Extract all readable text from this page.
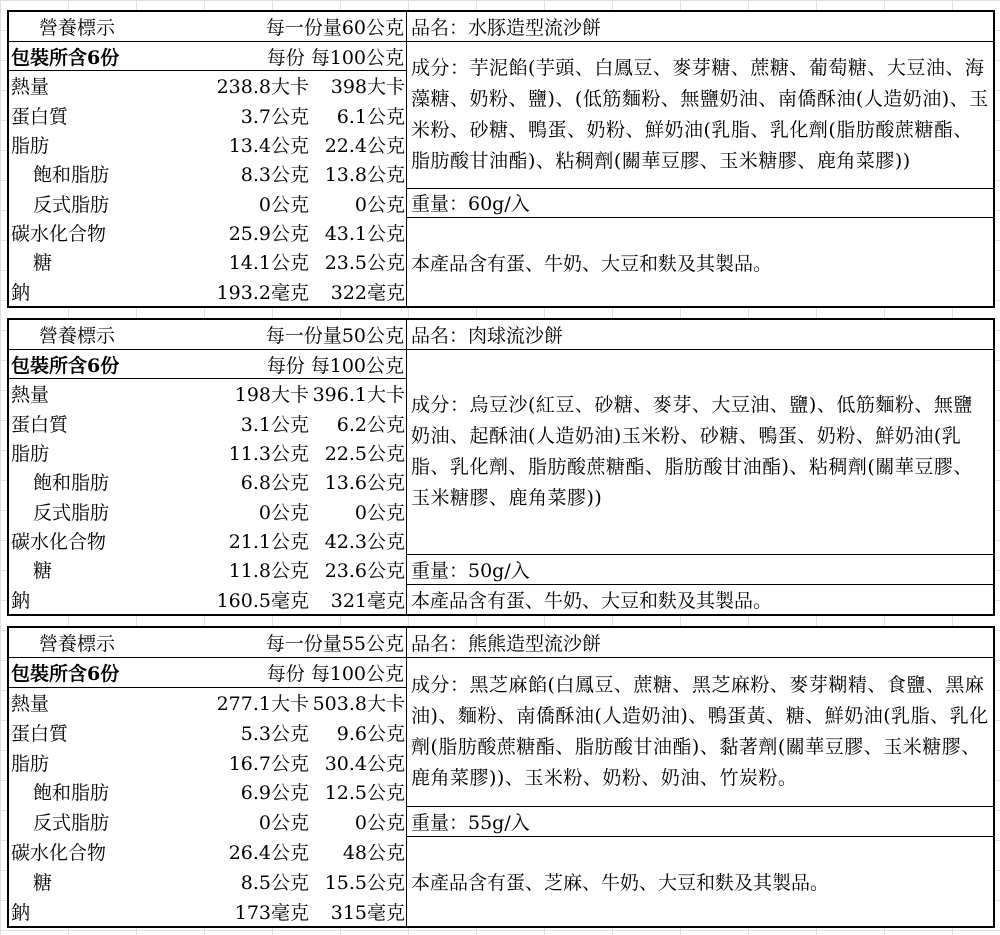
營養標示	每一份量60公克 品名：水豚造型流沙餅
包裝所含6份	每份 每100公克
熱量	238.8大卡	398大卡
蛋白質	3.7公克	6.1公克
脂肪	13.4公克 22.4公克
飽和脂肪	8.3公克 13.8公克
反式脂肪	0公克	0公克
碳水化合物	25.9公克 43.1公克
糖	14.1公克 23.5公克
鈉	193.2毫克	322毫克
成分：芋泥餡(芋頭、白鳳豆、麥芽糖、蔗糖、葡萄糖、大豆油、海藻糖、奶粉、鹽)、(低筋麵粉、無鹽奶油、南僑酥油(人造奶油)、玉米粉、砂糖、鴨蛋、奶粉、鮮奶油(乳脂、乳化劑(脂肪酸蔗糖酯、脂肪酸甘油酯)、粘稠劑(關華豆膠、玉米糖膠、鹿角菜膠))
重量：60g/入
本產品含有蛋、牛奶、大豆和麩及其製品。
營養標示	每一份量50公克 品名：肉球流沙餅
包裝所含6份	每份 每100公克
熱量	198大卡 396.1大卡
蛋白質	3.1公克	6.2公克
脂肪	11.3公克 22.5公克
飽和脂肪	6.8公克 13.6公克
反式脂肪	0公克	0公克
碳水化合物	21.1公克 42.3公克
糖	11.8公克 23.6公克
鈉	160.5毫克	321毫克
成分：烏豆沙(紅豆、砂糖、麥芽、大豆油、鹽)、低筋麵粉、無鹽奶油、起酥油(人造奶油)玉米粉、砂糖、鴨蛋、奶粉、鮮奶油(乳脂、乳化劑、脂肪酸蔗糖酯、脂肪酸甘油酯)、粘稠劑(關華豆膠、玉米糖膠、鹿角菜膠))
重量：50g/入
本產品含有蛋、牛奶、大豆和麩及其製品。
營養標示	每一份量55公克 品名：熊熊造型流沙餅
包裝所含6份	每份 每100公克
熱量	277.1大卡 503.8大卡
蛋白質	5.3公克	9.6公克
脂肪	16.7公克 30.4公克
飽和脂肪	6.9公克 12.5公克
反式脂肪	0公克	0公克
碳水化合物	26.4公克	48公克
糖	8.5公克 15.5公克
鈉	173毫克	315毫克
成分：黑芝麻餡(白鳳豆、蔗糖、黑芝麻粉、麥芽糊精、食鹽、黑麻油)、麵粉、南僑酥油(人造奶油)、鴨蛋黃、糖、鮮奶油(乳脂、乳化劑(脂肪酸蔗糖酯、脂肪酸甘油酯)、黏著劑(關華豆膠、玉米糖膠、鹿角菜膠))、玉米粉、奶粉、奶油、竹炭粉。
重量：55g/入
本產品含有蛋、芝麻、牛奶、大豆和麩及其製品。
